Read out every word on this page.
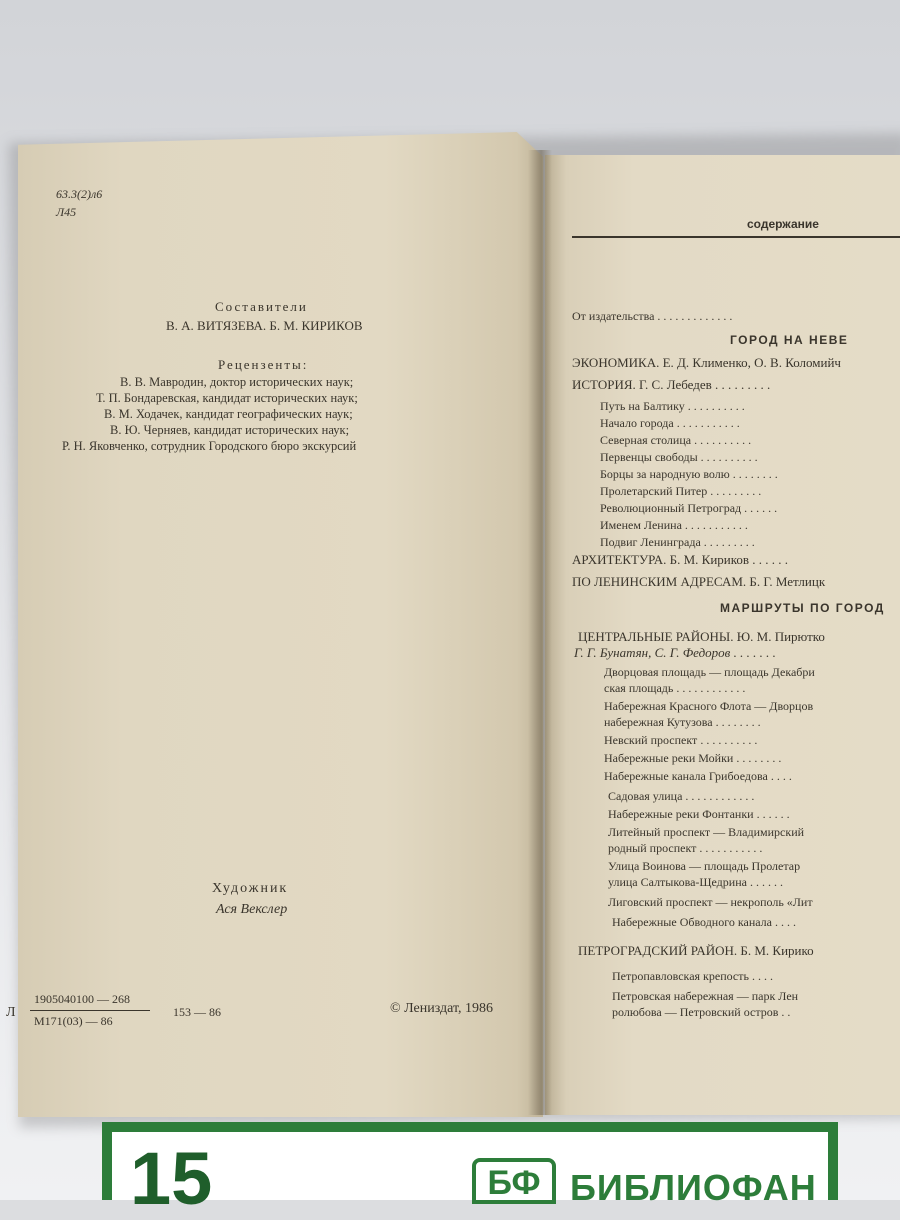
63.3(2)л6
Л45
Составители
В. А. ВИТЯЗЕВА. Б. М. КИРИКОВ
Рецензенты:
В. В. Мавродин, доктор исторических наук;
Т. П. Бондаревская, кандидат исторических наук;
В. М. Ходачек, кандидат географических наук;
В. Ю. Черняев, кандидат исторических наук;
Р. Н. Яковченко, сотрудник Городского бюро экскурсий
Художник
Ася Векслер
Л
1905040100 — 268
М171(03) — 86
153 — 86	© Лениздат, 1986
содержание
От издательства . . . . . . . . . . . . .
ГОРОД НА НЕВЕ
ЭКОНОМИКА. Е. Д. Клименко, О. В. Коломийч
ИСТОРИЯ. Г. С. Лебедев . . . . . . . . .
Путь на Балтику . . . . . . . . . .
Начало города . . . . . . . . . . .
Северная столица . . . . . . . . . .
Первенцы свободы . . . . . . . . . .
Борцы за народную волю . . . . . . . .
Пролетарский Питер . . . . . . . . .
Революционный Петроград . . . . . .
Именем Ленина . . . . . . . . . . .
Подвиг Ленинграда . . . . . . . . .
АРХИТЕКТУРА. Б. М. Кириков . . . . . .
ПО ЛЕНИНСКИМ АДРЕСАМ. Б. Г. Метлицк
МАРШРУТЫ ПО ГОРОД
ЦЕНТРАЛЬНЫЕ РАЙОНЫ. Ю. М. Пирютко
Г. Г. Бунатян, С. Г. Федоров . . . . . . .
Дворцовая площадь — площадь Декабри
ская площадь . . . . . . . . . . . .
Набережная Красного Флота — Дворцов
набережная Кутузова . . . . . . . .
Невский проспект . . . . . . . . . .
Набережные реки Мойки . . . . . . . .
Набережные канала Грибоедова . . . .
Садовая улица . . . . . . . . . . . .
Набережные реки Фонтанки . . . . . .
Литейный проспект — Владимирский
родный проспект . . . . . . . . . . .
Улица Воинова — площадь Пролетар
улица Салтыкова-Щедрина . . . . . .
Лиговский проспект — некрополь «Лит
Набережные Обводного канала . . . .
ПЕТРОГРАДСКИЙ РАЙОН. Б. М. Кирико
Петропавловская крепость . . . .
Петровская набережная — парк Лен
ролюбова — Петровский остров . .
15	БФ БИБЛИОФАН
